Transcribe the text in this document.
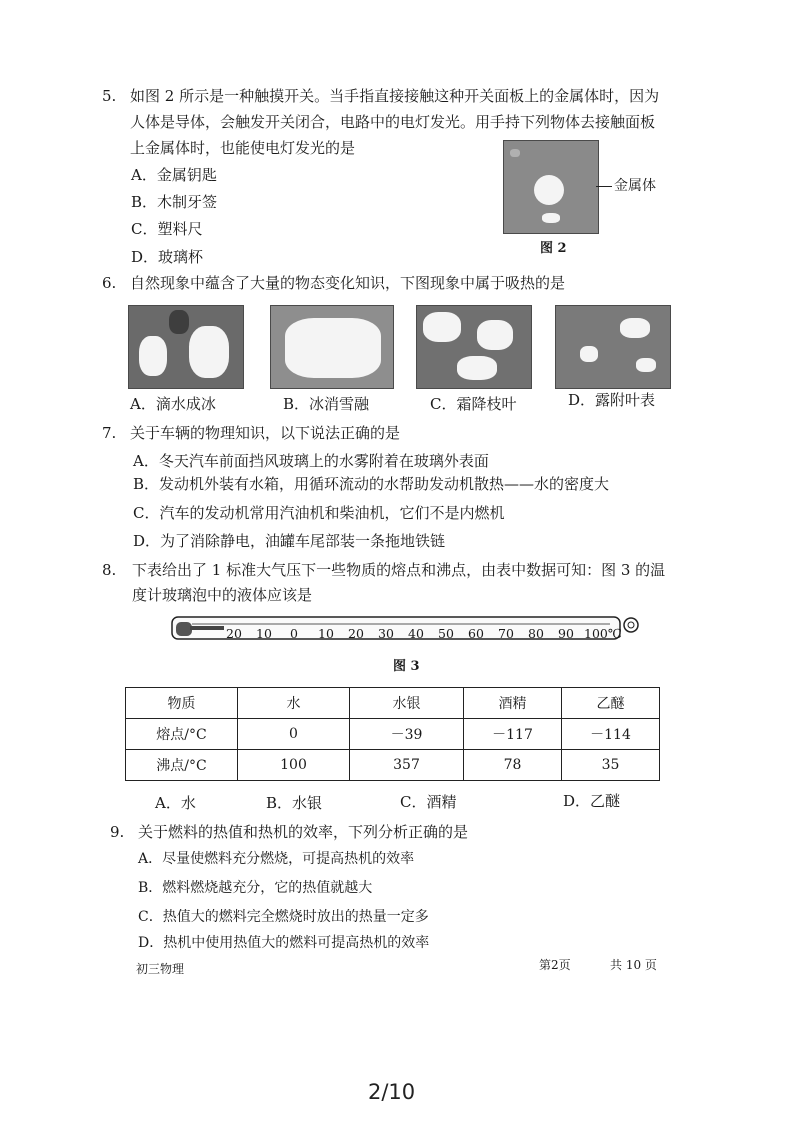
5. 如图 2 所示是一种触摸开关。当手指直接接触这种开关面板上的金属体时，因为
人体是导体，会触发开关闭合，电路中的电灯发光。用手持下列物体去接触面板
上金属体时，也能使电灯发光的是
A．金属钥匙
B．木制牙签
C．塑料尺
D．玻璃杯
金属体
图 2
6. 自然现象中蕴含了大量的物态变化知识，下图现象中属于吸热的是
A．滴水成冰	B．冰消雪融	C．霜降枝叶	D．露附叶表
7. 关于车辆的物理知识，以下说法正确的是
A．冬天汽车前面挡风玻璃上的水雾附着在玻璃外表面
B．发动机外装有水箱，用循环流动的水帮助发动机散热——水的密度大
C．汽车的发动机常用汽油机和柴油机，它们不是内燃机
D．为了消除静电，油罐车尾部装一条拖地铁链
8. 下表给出了 1 标准大气压下一些物质的熔点和沸点，由表中数据可知：图 3 的温
度计玻璃泡中的液体应该是
20 10 0 10 20 30 40 50 60 70 80 90 100℃
图 3
物质	水	水银	酒精	乙醚
熔点/°C	0	－39	－117	－114
沸点/°C	100	357	78	35
A．水	B．水银	C．酒精	D．乙醚
9. 关于燃料的热值和热机的效率，下列分析正确的是
A．尽量使燃料充分燃烧，可提高热机的效率
B．燃料燃烧越充分，它的热值就越大
C．热值大的燃料完全燃烧时放出的热量一定多
D．热机中使用热值大的燃料可提高热机的效率
初三物理	第2页	共 10 页
2/10
